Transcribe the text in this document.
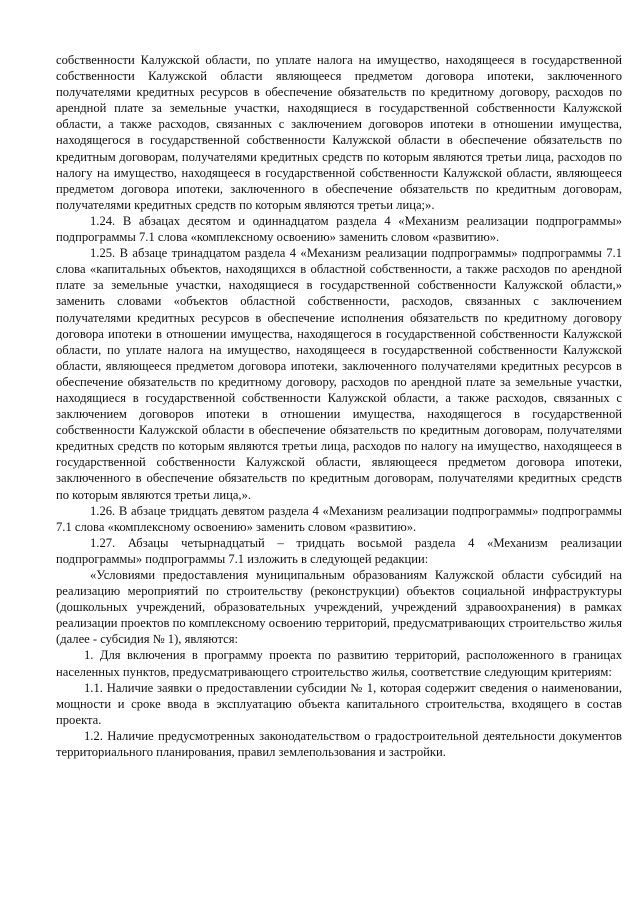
собственности Калужской области, по уплате налога на имущество, находящееся в государственной собственности Калужской области являющееся предметом договора ипотеки, заключенного получателями кредитных ресурсов в обеспечение обязательств по кредитному договору, расходов по арендной плате за земельные участки, находящиеся в государственной собственности Калужской области, а также расходов, связанных с заключением договоров ипотеки в отношении имущества, находящегося в государственной собственности Калужской области в обеспечение обязательств по кредитным договорам, получателями кредитных средств по которым являются третьи лица, расходов по налогу на имущество, находящееся в государственной собственности Калужской области, являющееся предметом договора ипотеки, заключенного в обеспечение обязательств по кредитным договорам, получателями кредитных средств по которым являются третьи лица;».

1.24. В абзацах десятом и одиннадцатом раздела 4 «Механизм реализации подпрограммы» подпрограммы 7.1 слова «комплексному освоению» заменить словом «развитию».

1.25. В абзаце тринадцатом раздела 4 «Механизм реализации подпрограммы» подпрограммы 7.1 слова «капитальных объектов, находящихся в областной собственности, а также расходов по арендной плате за земельные участки, находящиеся в государственной собственности Калужской области,» заменить словами «объектов областной собственности, расходов, связанных с заключением получателями кредитных ресурсов в обеспечение исполнения обязательств по кредитному договору договора ипотеки в отношении имущества, находящегося в государственной собственности Калужской области, по уплате налога на имущество, находящееся в государственной собственности Калужской области, являющееся предметом договора ипотеки, заключенного получателями кредитных ресурсов в обеспечение обязательств по кредитному договору, расходов по арендной плате за земельные участки, находящиеся в государственной собственности Калужской области, а также расходов, связанных с заключением договоров ипотеки в отношении имущества, находящегося в государственной собственности Калужской области в обеспечение обязательств по кредитным договорам, получателями кредитных средств по которым являются третьи лица, расходов по налогу на имущество, находящееся в государственной собственности Калужской области, являющееся предметом договора ипотеки, заключенного в обеспечение обязательств по кредитным договорам, получателями кредитных средств по которым являются третьи лица,».

1.26. В абзаце тридцать девятом раздела 4 «Механизм реализации подпрограммы» подпрограммы 7.1 слова «комплексному освоению» заменить словом «развитию».

1.27. Абзацы четырнадцатый – тридцать восьмой раздела 4 «Механизм реализации подпрограммы» подпрограммы 7.1 изложить в следующей редакции:

«Условиями предоставления муниципальным образованиям Калужской области субсидий на реализацию мероприятий по строительству (реконструкции) объектов социальной инфраструктуры (дошкольных учреждений, образовательных учреждений, учреждений здравоохранения) в рамках реализации проектов по комплексному освоению территорий, предусматривающих строительство жилья (далее - субсидия № 1), являются:

1. Для включения в программу проекта по развитию территорий, расположенного в границах населенных пунктов, предусматривающего строительство жилья, соответствие следующим критериям:

1.1. Наличие заявки о предоставлении субсидии № 1, которая содержит сведения о наименовании, мощности и сроке ввода в эксплуатацию объекта капитального строительства, входящего в состав проекта.

1.2. Наличие предусмотренных законодательством о градостроительной деятельности документов территориального планирования, правил землепользования и застройки.
